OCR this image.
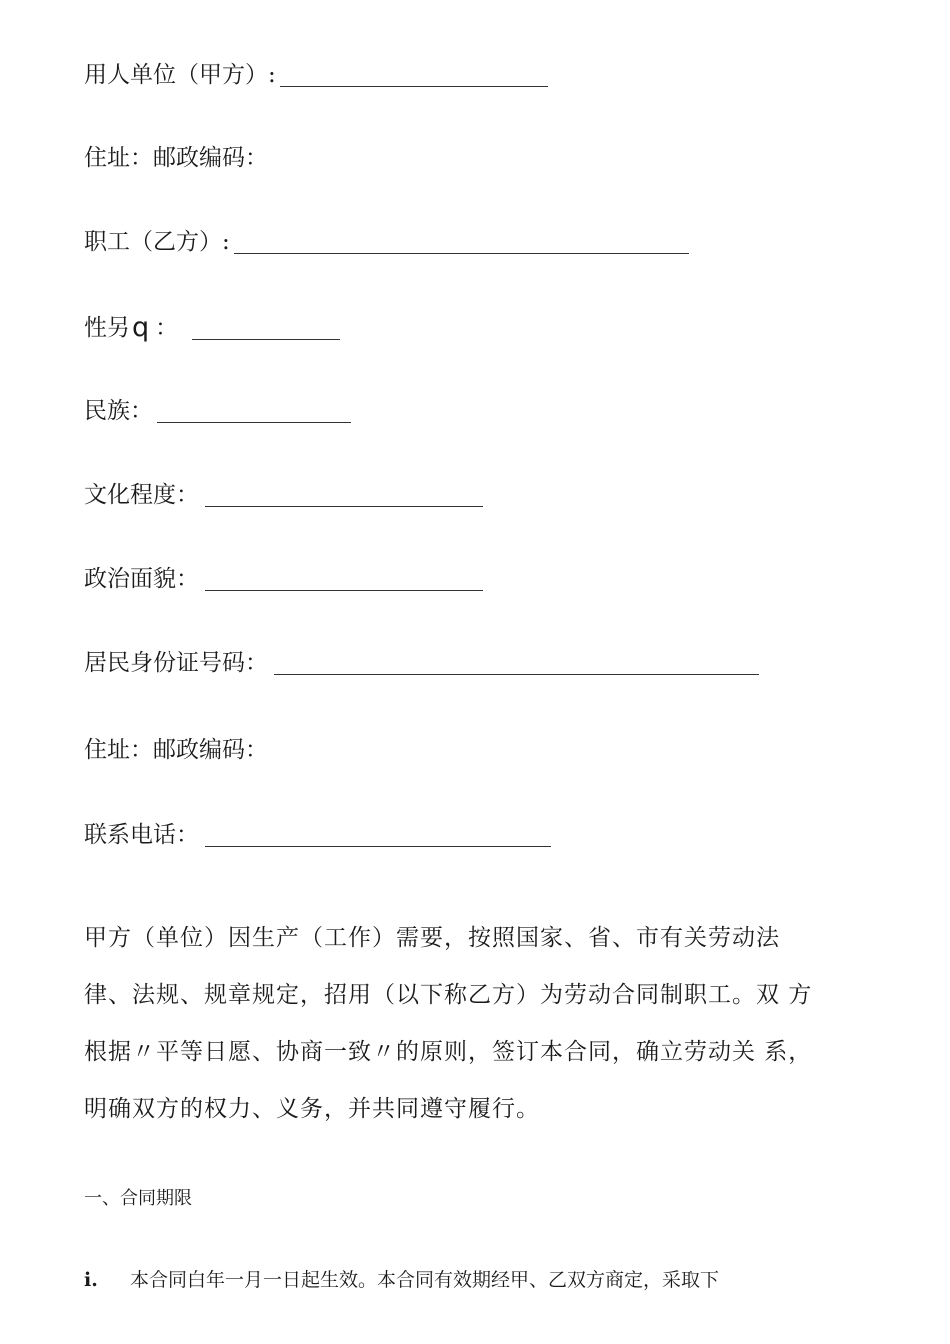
用人单位（甲方）:
住址：邮政编码：
职工（乙方）:
性另 q ：
民族：
文化程度：
政治面貌：
居民身份证号码：
住址：邮政编码：
联系电话：
甲方（单位）因生产（工作）需要，按照国家、省、市有关劳动法
律、法规、规章规定，招用（以下称乙方）为劳动合同制职工。双 方
根据〃平等日愿、协商一致〃的原则，签订本合同，确立劳动关 系，
明确双方的权力、义务，并共同遵守履行。
一、合同期限
i. 本合同白年一月一日起生效。本合同有效期经甲、乙双方商定，采取下
